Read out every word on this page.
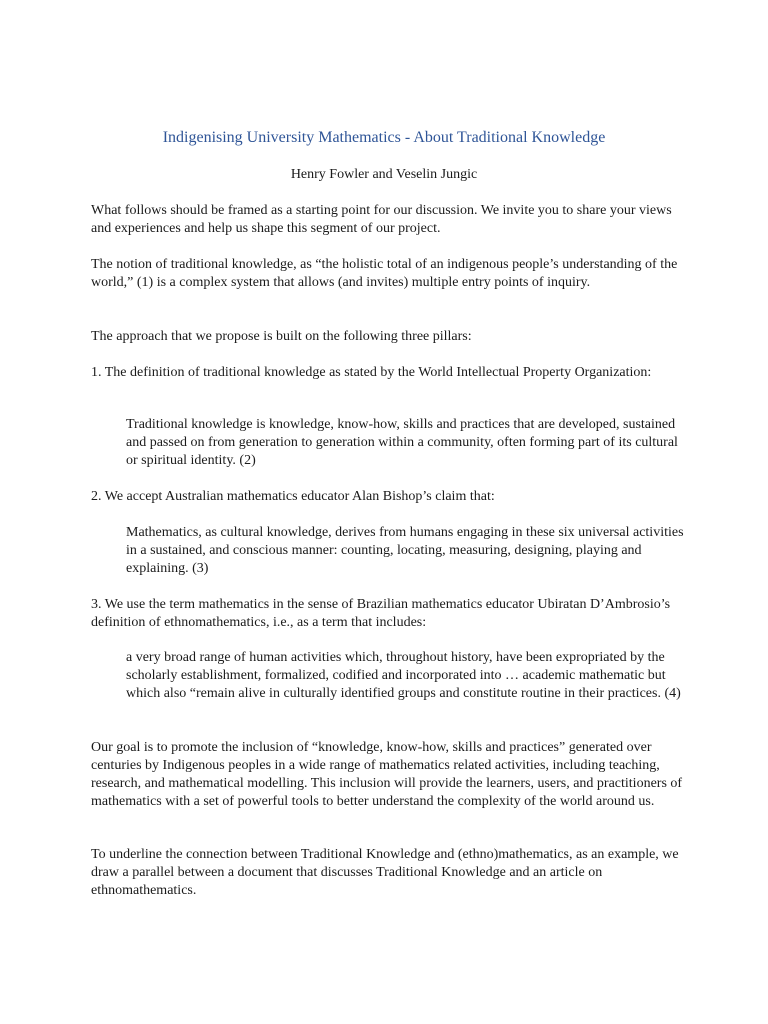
Indigenising University Mathematics - About Traditional Knowledge

Henry Fowler and Veselin Jungic

What follows should be framed as a starting point for our discussion. We invite you to share your views and experiences and help us shape this segment of our project.

The notion of traditional knowledge, as “the holistic total of an indigenous people’s understanding of the world,” (1) is a complex system that allows (and invites) multiple entry points of inquiry.

The approach that we propose is built on the following three pillars:

1. The definition of traditional knowledge as stated by the World Intellectual Property Organization:

Traditional knowledge is knowledge, know-how, skills and practices that are developed, sustained and passed on from generation to generation within a community, often forming part of its cultural or spiritual identity. (2)

2. We accept Australian mathematics educator Alan Bishop’s claim that:

Mathematics, as cultural knowledge, derives from humans engaging in these six universal activities in a sustained, and conscious manner: counting, locating, measuring, designing, playing and explaining. (3)

3. We use the term mathematics in the sense of Brazilian mathematics educator Ubiratan D’Ambrosio’s definition of ethnomathematics, i.e., as a term that includes:

a very broad range of human activities which, throughout history, have been expropriated by the scholarly establishment, formalized, codified and incorporated into … academic mathematic but which also “remain alive in culturally identified groups and constitute routine in their practices. (4)

Our goal is to promote the inclusion of “knowledge, know-how, skills and practices” generated over centuries by Indigenous peoples in a wide range of mathematics related activities, including teaching, research, and mathematical modelling. This inclusion will provide the learners, users, and practitioners of mathematics with a set of powerful tools to better understand the complexity of the world around us.

To underline the connection between Traditional Knowledge and (ethno)mathematics, as an example, we draw a parallel between a document that discusses Traditional Knowledge and an article on ethnomathematics.
